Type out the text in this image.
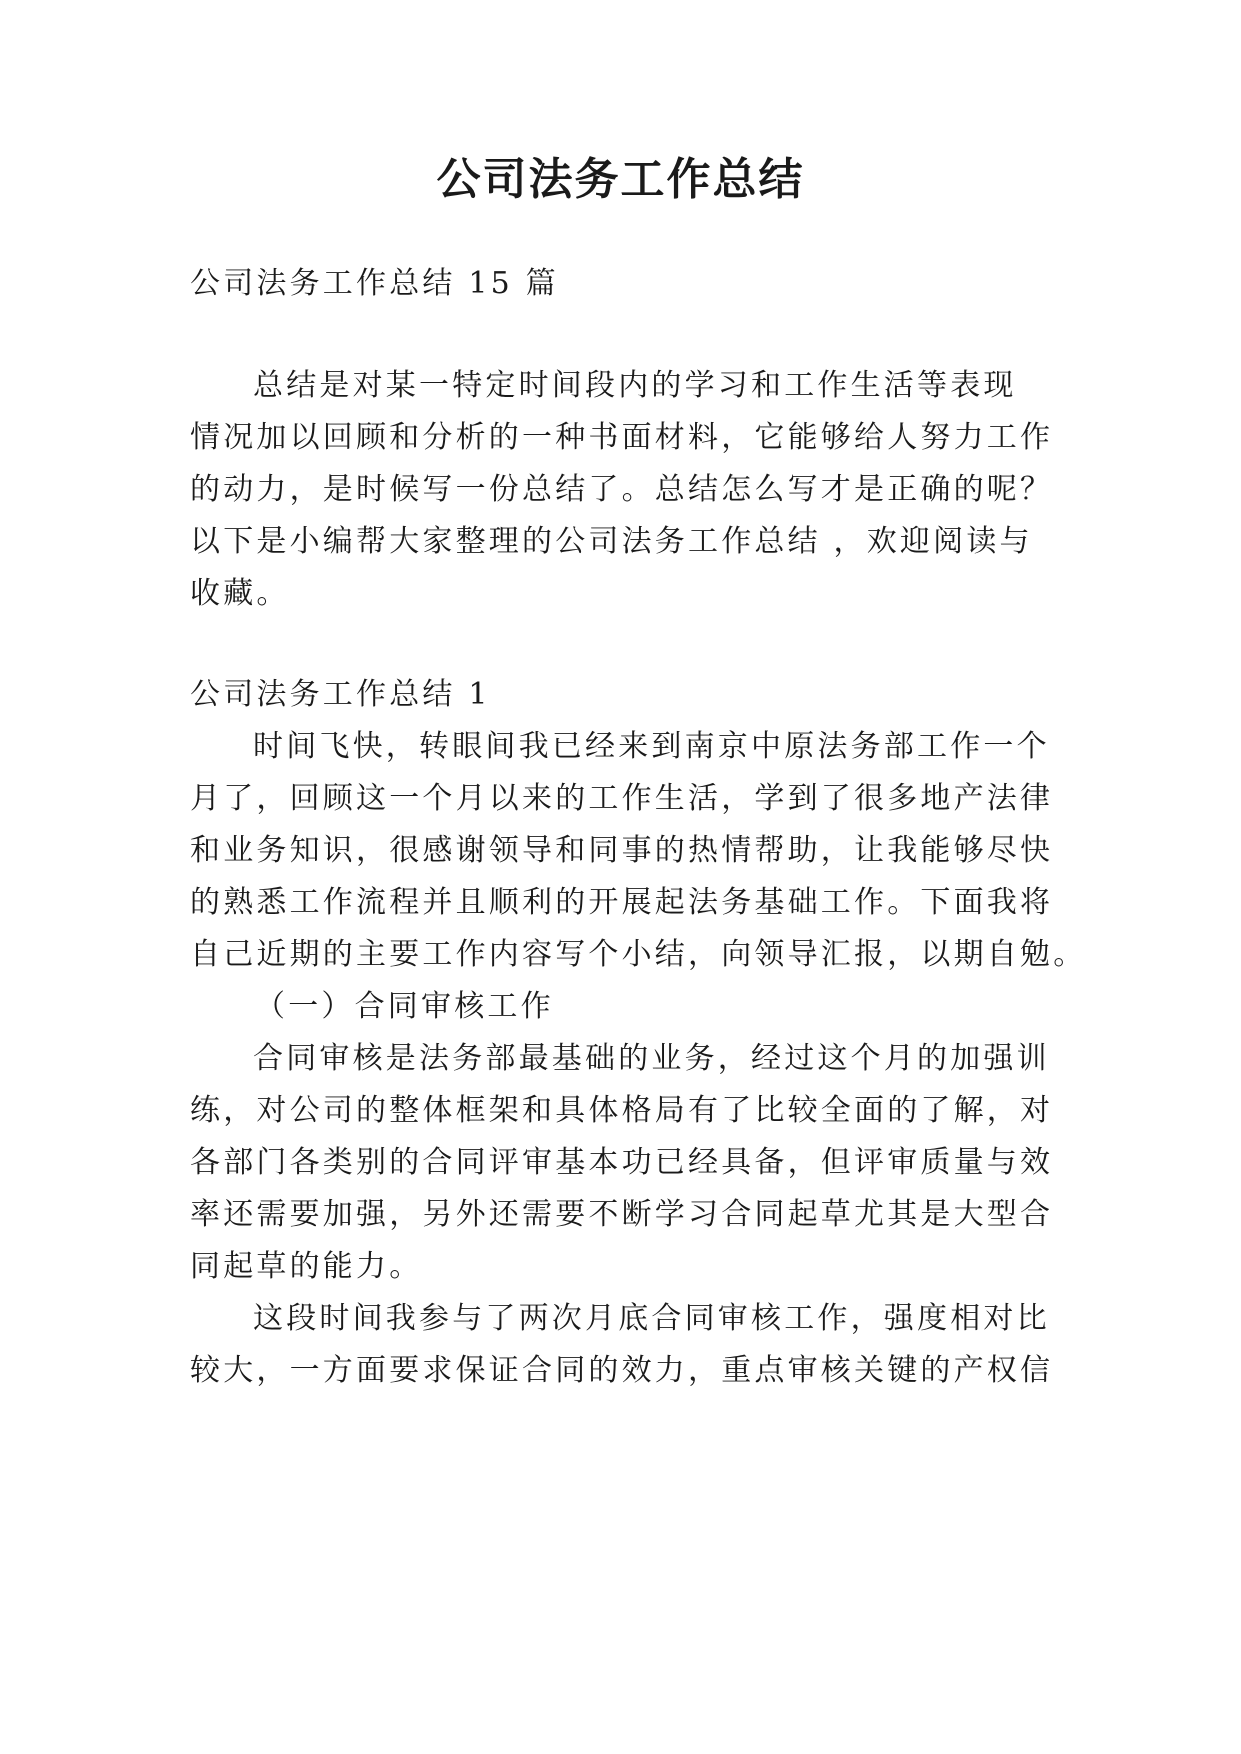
公司法务工作总结
公司法务工作总结 15 篇
总结是对某一特定时间段内的学习和工作生活等表现
情况加以回顾和分析的一种书面材料，它能够给人努力工作
的动力，是时候写一份总结了。总结怎么写才是正确的呢？
以下是小编帮大家整理的公司法务工作总结 ，欢迎阅读与
收藏。
公司法务工作总结 1
时间飞快，转眼间我已经来到南京中原法务部工作一个
月了，回顾这一个月以来的工作生活，学到了很多地产法律
和业务知识，很感谢领导和同事的热情帮助，让我能够尽快
的熟悉工作流程并且顺利的开展起法务基础工作。下面我将
自己近期的主要工作内容写个小结，向领导汇报，以期自勉。
（一）合同审核工作
合同审核是法务部最基础的业务，经过这个月的加强训
练，对公司的整体框架和具体格局有了比较全面的了解，对
各部门各类别的合同评审基本功已经具备，但评审质量与效
率还需要加强，另外还需要不断学习合同起草尤其是大型合
同起草的能力。
这段时间我参与了两次月底合同审核工作，强度相对比
较大，一方面要求保证合同的效力，重点审核关键的产权信
